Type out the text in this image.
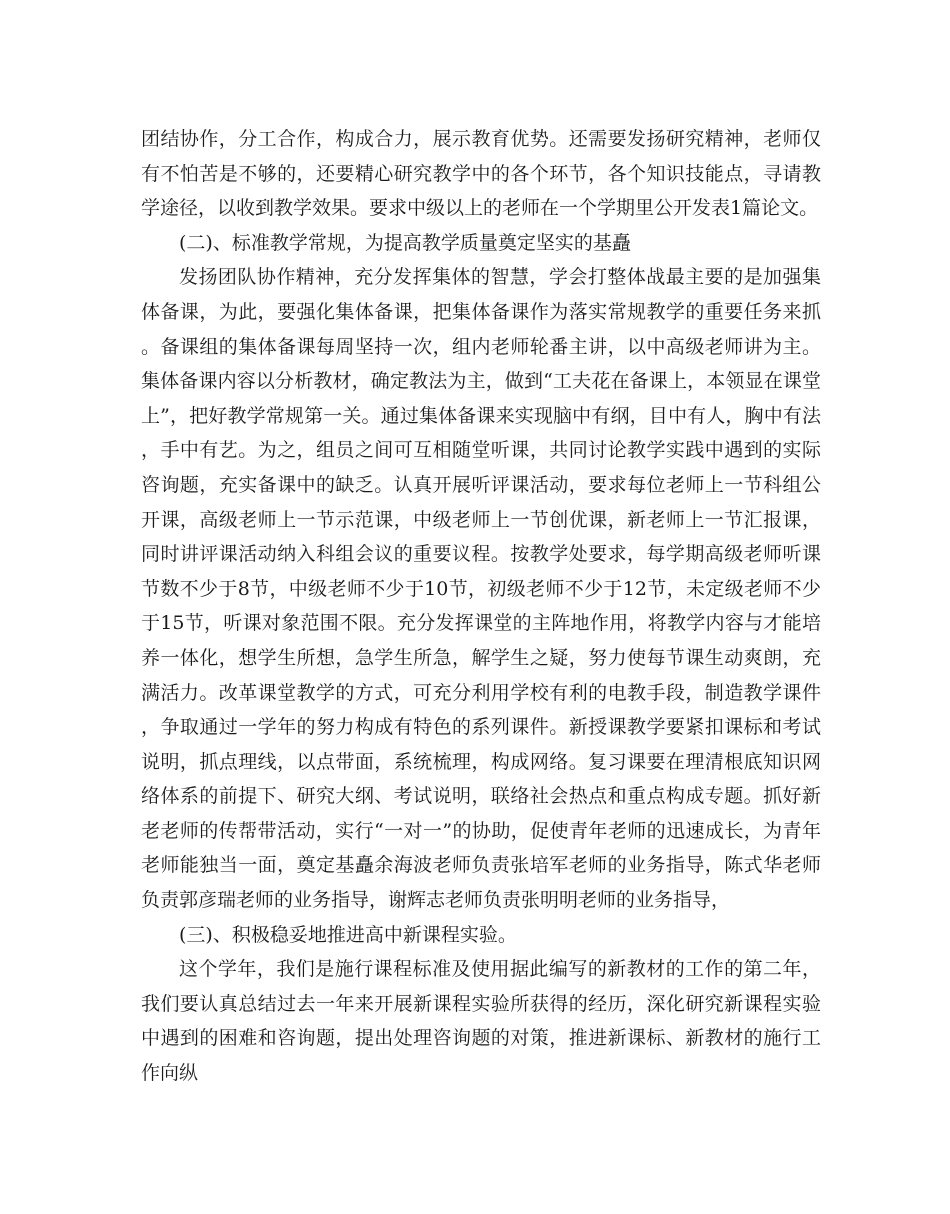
团结协作，分工合作，构成合力，展示教育优势。还需要发扬研究精神，老师仅有不怕苦是不够的，还要精心研究教学中的各个环节，各个知识技能点，寻请教学途径，以收到教学效果。要求中级以上的老师在一个学期里公开发表1篇论文。

(二)、标准教学常规，为提高教学质量奠定坚实的基矗

发扬团队协作精神，充分发挥集体的智慧，学会打整体战最主要的是加强集体备课，为此，要强化集体备课，把集体备课作为落实常规教学的重要任务来抓。备课组的集体备课每周坚持一次，组内老师轮番主讲，以中高级老师讲为主。集体备课内容以分析教材，确定教法为主，做到“工夫花在备课上，本领显在课堂上”，把好教学常规第一关。通过集体备课来实现脑中有纲，目中有人，胸中有法，手中有艺。为之，组员之间可互相随堂听课，共同讨论教学实践中遇到的实际咨询题，充实备课中的缺乏。认真开展听评课活动，要求每位老师上一节科组公开课，高级老师上一节示范课，中级老师上一节创优课，新老师上一节汇报课，同时讲评课活动纳入科组会议的重要议程。按教学处要求，每学期高级老师听课节数不少于8节，中级老师不少于10节，初级老师不少于12节，未定级老师不少于15节，听课对象范围不限。充分发挥课堂的主阵地作用，将教学内容与才能培养一体化，想学生所想，急学生所急，解学生之疑，努力使每节课生动爽朗，充满活力。改革课堂教学的方式，可充分利用学校有利的电教手段，制造教学课件，争取通过一学年的努力构成有特色的系列课件。新授课教学要紧扣课标和考试说明，抓点理线，以点带面，系统梳理，构成网络。复习课要在理清根底知识网络体系的前提下、研究大纲、考试说明，联络社会热点和重点构成专题。抓好新老老师的传帮带活动，实行“一对一”的协助，促使青年老师的迅速成长，为青年老师能独当一面，奠定基矗余海波老师负责张培军老师的业务指导，陈式华老师负责郭彦瑞老师的业务指导，谢辉志老师负责张明明老师的业务指导，

(三)、积极稳妥地推进高中新课程实验。

这个学年，我们是施行课程标准及使用据此编写的新教材的工作的第二年，我们要认真总结过去一年来开展新课程实验所获得的经历，深化研究新课程实验中遇到的困难和咨询题，提出处理咨询题的对策，推进新课标、新教材的施行工作向纵
